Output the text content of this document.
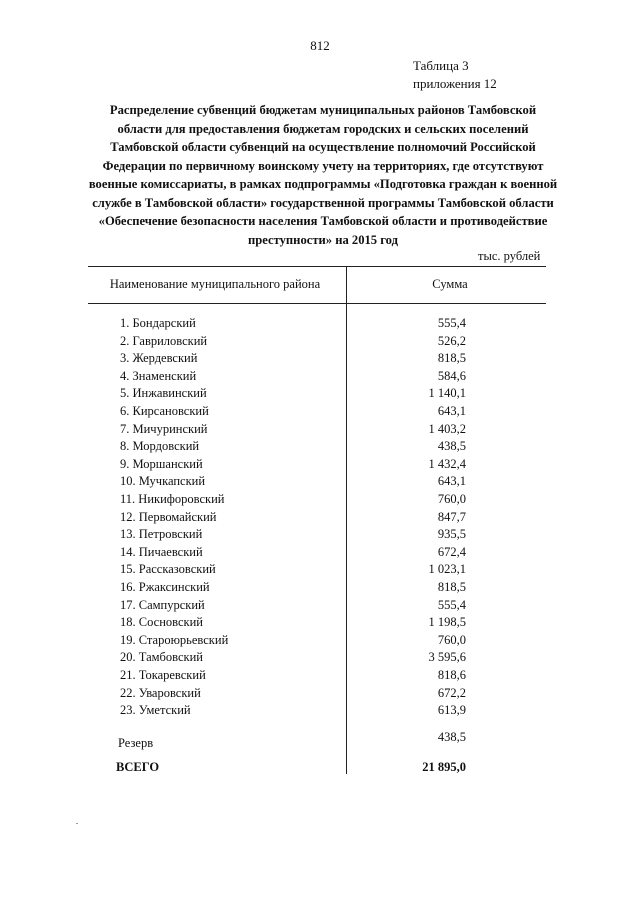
812
Таблица 3
приложения 12
Распределение субвенций бюджетам муниципальных районов Тамбовской области для предоставления бюджетам городских и сельских поселений Тамбовской области субвенций на осуществление полномочий Российской Федерации по первичному воинскому учету на территориях, где отсутствуют военные комиссариаты, в рамках подпрограммы «Подготовка граждан к военной службе в Тамбовской области» государственной программы Тамбовской области «Обеспечение безопасности населения Тамбовской области и противодействие преступности» на 2015 год
тыс. рублей
Наименование муниципального района	Сумма
1. Бондарский	555,4
2. Гавриловский	526,2
3. Жердевский	818,5
4. Знаменский	584,6
5. Инжавинский	1 140,1
6. Кирсановский	643,1
7. Мичуринский	1 403,2
8. Мордовский	438,5
9. Моршанский	1 432,4
10. Мучкапский	643,1
11. Никифоровский	760,0
12. Первомайский	847,7
13. Петровский	935,5
14. Пичаевский	672,4
15. Рассказовский	1 023,1
16. Ржаксинский	818,5
17. Сампурский	555,4
18. Сосновский	1 198,5
19. Староюрьевский	760,0
20. Тамбовский	3 595,6
21. Токаревский	818,6
22. Уваровский	672,2
23. Уметский	613,9
Резерв	438,5
ВСЕГО	21 895,0
